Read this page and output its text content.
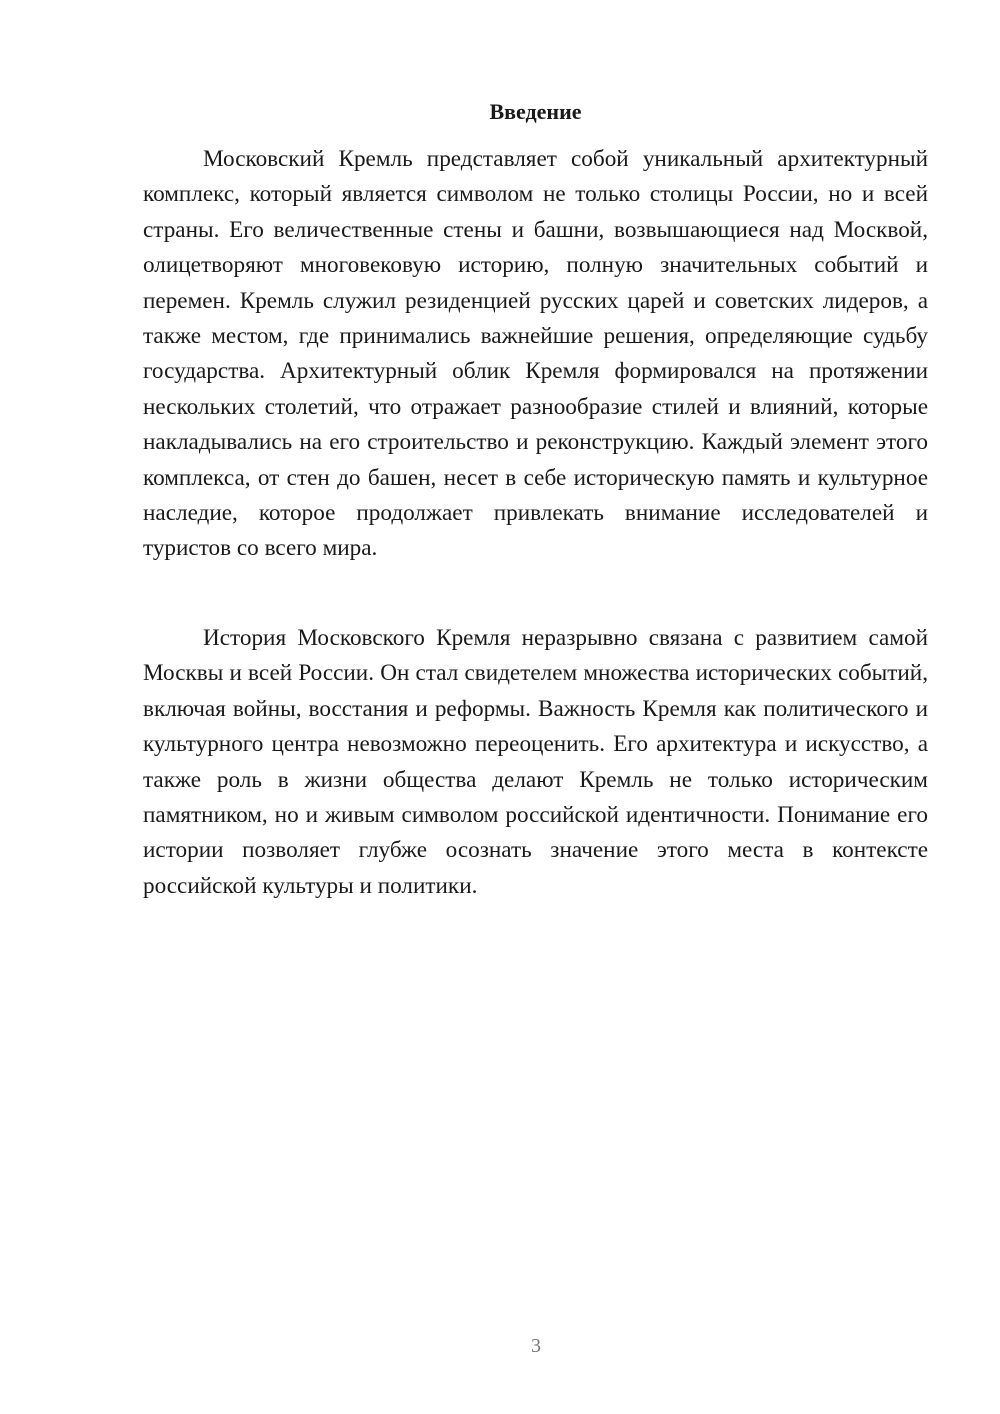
Введение

Московский Кремль представляет собой уникальный архитектурный комплекс, который является символом не только столицы России, но и всей страны. Его величественные стены и башни, возвышающиеся над Москвой, олицетворяют многовековую историю, полную значительных событий и перемен. Кремль служил резиденцией русских царей и советских лидеров, а также местом, где принимались важнейшие решения, определяющие судьбу государства. Архитектурный облик Кремля формировался на протяжении нескольких столетий, что отражает разнообразие стилей и влияний, которые накладывались на его строительство и реконструкцию. Каждый элемент этого комплекса, от стен до башен, несет в себе историческую память и культурное наследие, которое продолжает привлекать внимание исследователей и туристов со всего мира.

История Московского Кремля неразрывно связана с развитием самой Москвы и всей России. Он стал свидетелем множества исторических событий, включая войны, восстания и реформы. Важность Кремля как политического и культурного центра невозможно переоценить. Его архитектура и искусство, а также роль в жизни общества делают Кремль не только историческим памятником, но и живым символом российской идентичности. Понимание его истории позволяет глубже осознать значение этого места в контексте российской культуры и политики.

3
